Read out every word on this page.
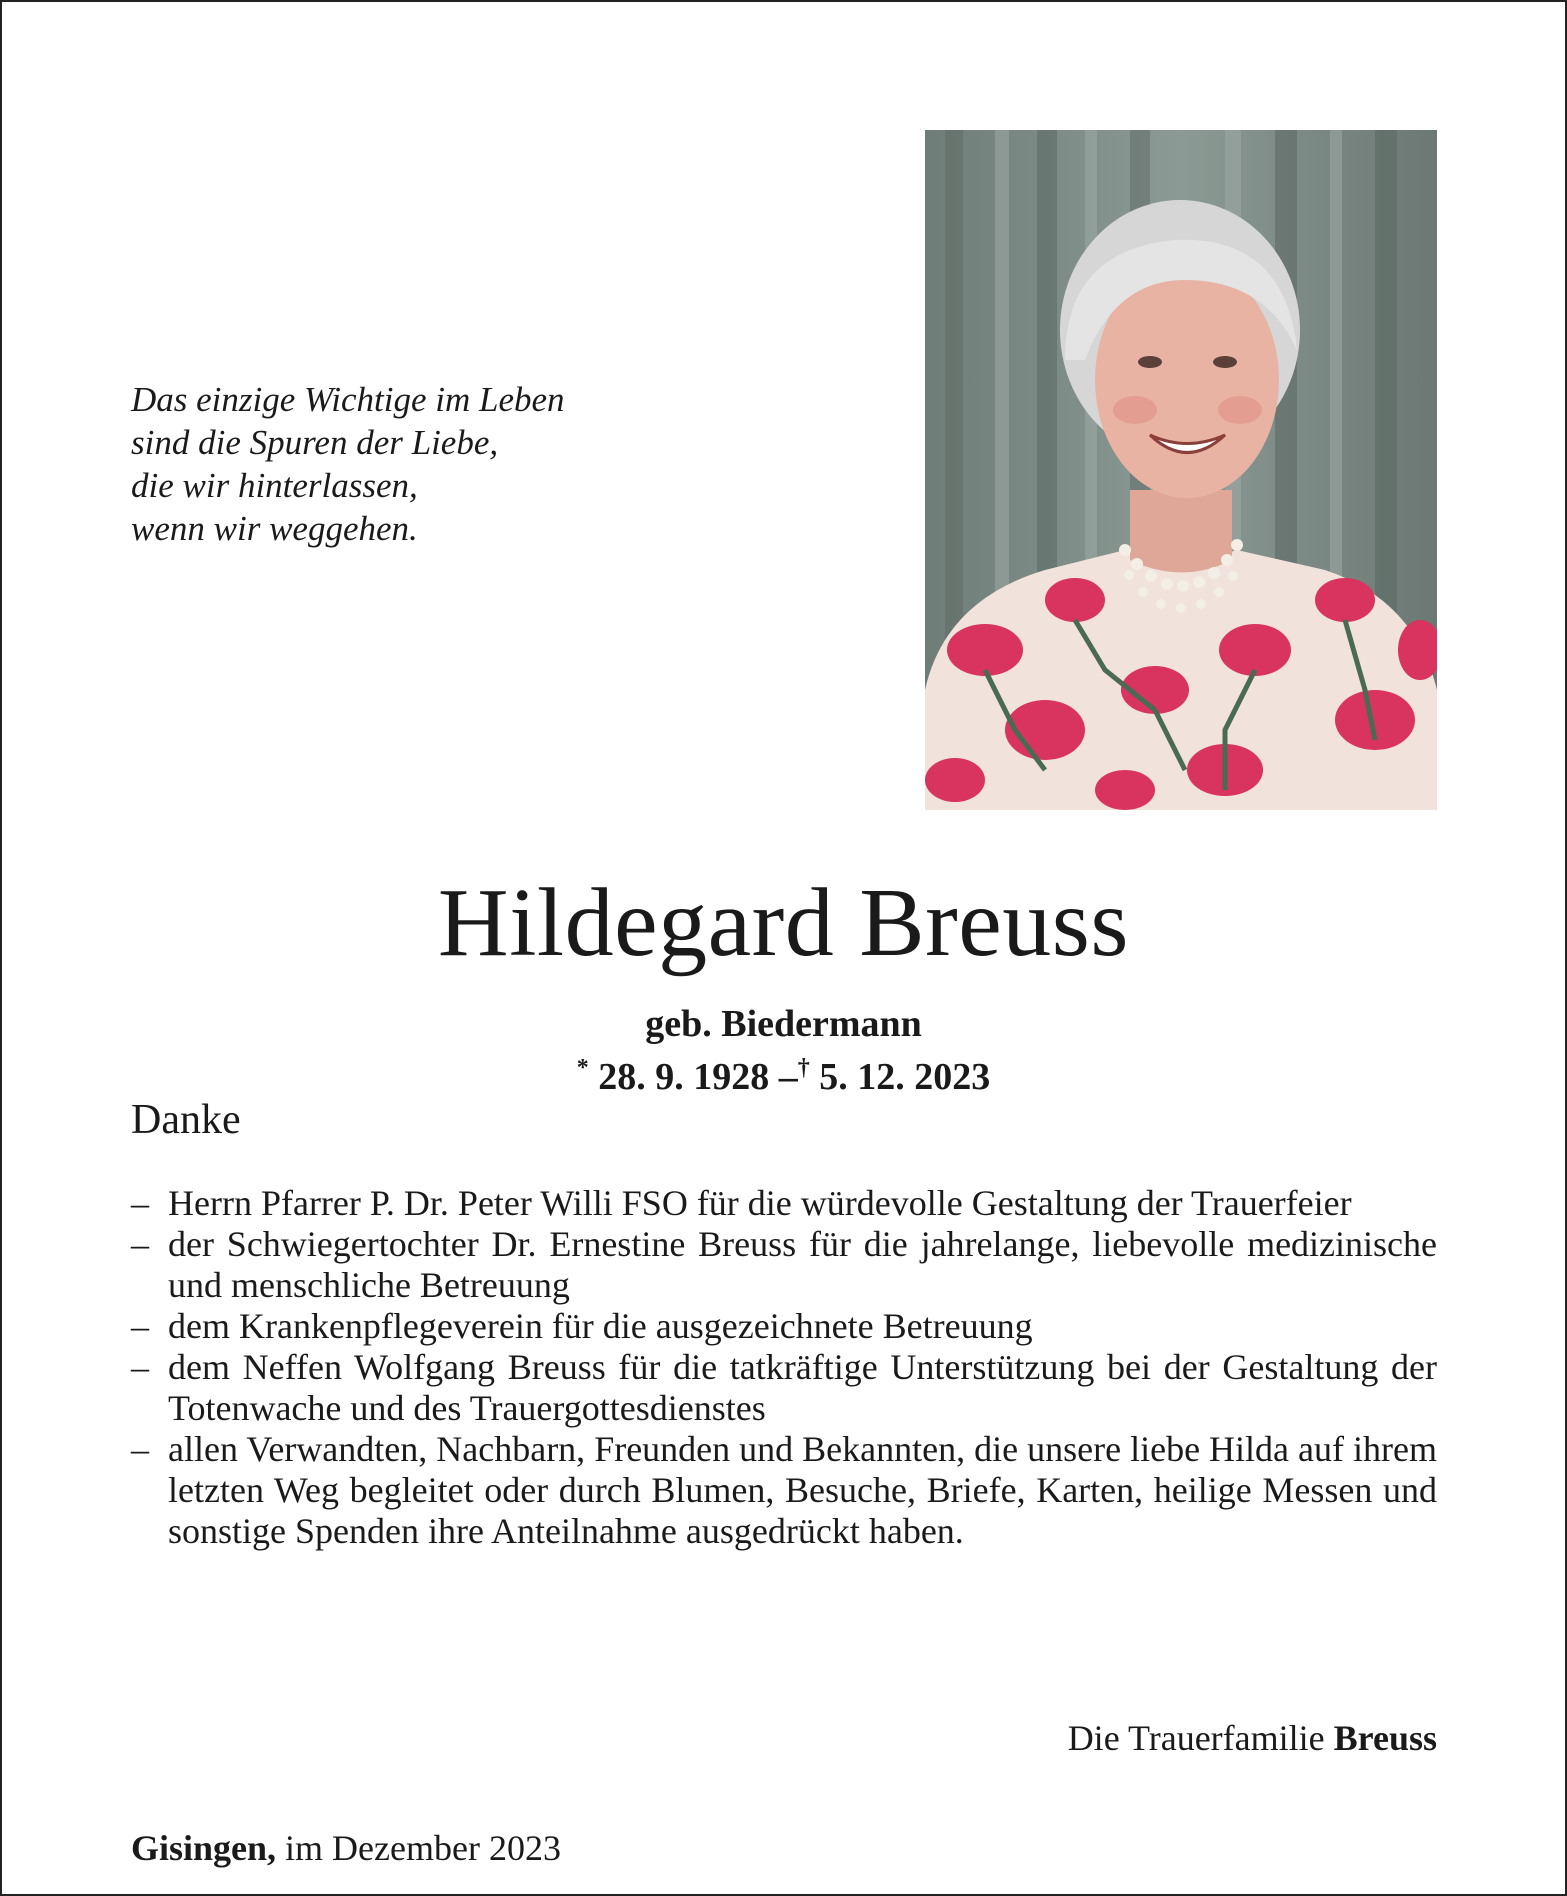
Das einzige Wichtige im Leben
sind die Spuren der Liebe,
die wir hinterlassen,
wenn wir weggehen.
Hildegard Breuss
geb. Biedermann
* 28. 9. 1928 –† 5. 12. 2023
Danke
– Herrn Pfarrer P. Dr. Peter Willi FSO für die würdevolle Gestaltung der Trauerfeier
– der Schwiegertochter Dr. Ernestine Breuss für die jahrelange, liebevolle medizinische und menschliche Betreuung
– dem Krankenpflegeverein für die ausgezeichnete Betreuung
– dem Neffen Wolfgang Breuss für die tatkräftige Unterstützung bei der Gestaltung der Totenwache und des Trauergottesdienstes
– allen Verwandten, Nachbarn, Freunden und Bekannten, die unsere liebe Hilda auf ihrem letzten Weg begleitet oder durch Blumen, Besuche, Briefe, Karten, heilige Messen und sonstige Spenden ihre Anteilnahme ausgedrückt haben.
Die Trauerfamilie Breuss
Gisingen, im Dezember 2023
